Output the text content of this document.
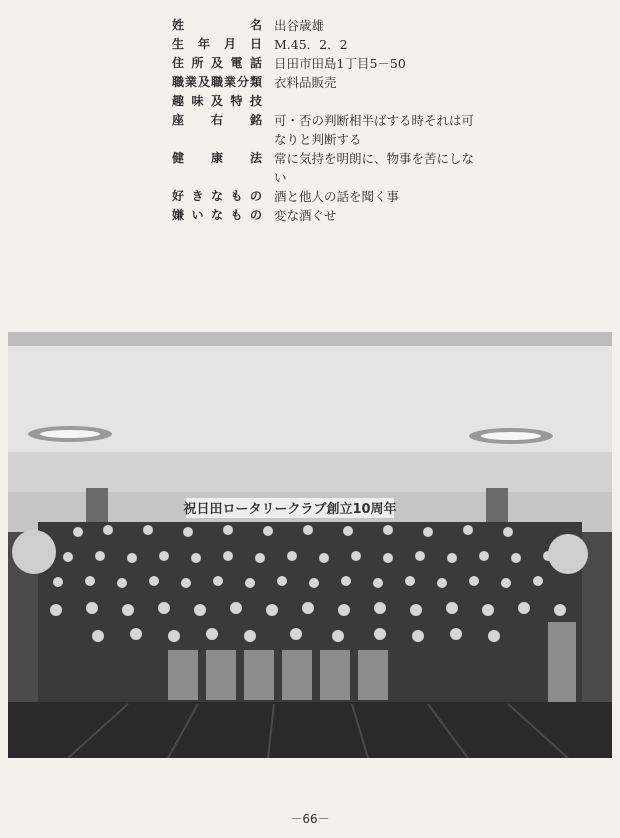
姓名 出谷歳雄
生年月日 M.45．2．2
住所及電話 日田市田島1丁目5－50
職業及職業分類 衣料品販売
趣味及特技
座右銘 可・否の判断相半ばする時それは可なりと判断する
健康法 常に気持を明朗に、物事を苦にしない
好きなもの 酒と他人の話を聞く事
嫌いなもの 変な酒ぐせ
祝日田ロータリークラブ創立10周年
－66－
